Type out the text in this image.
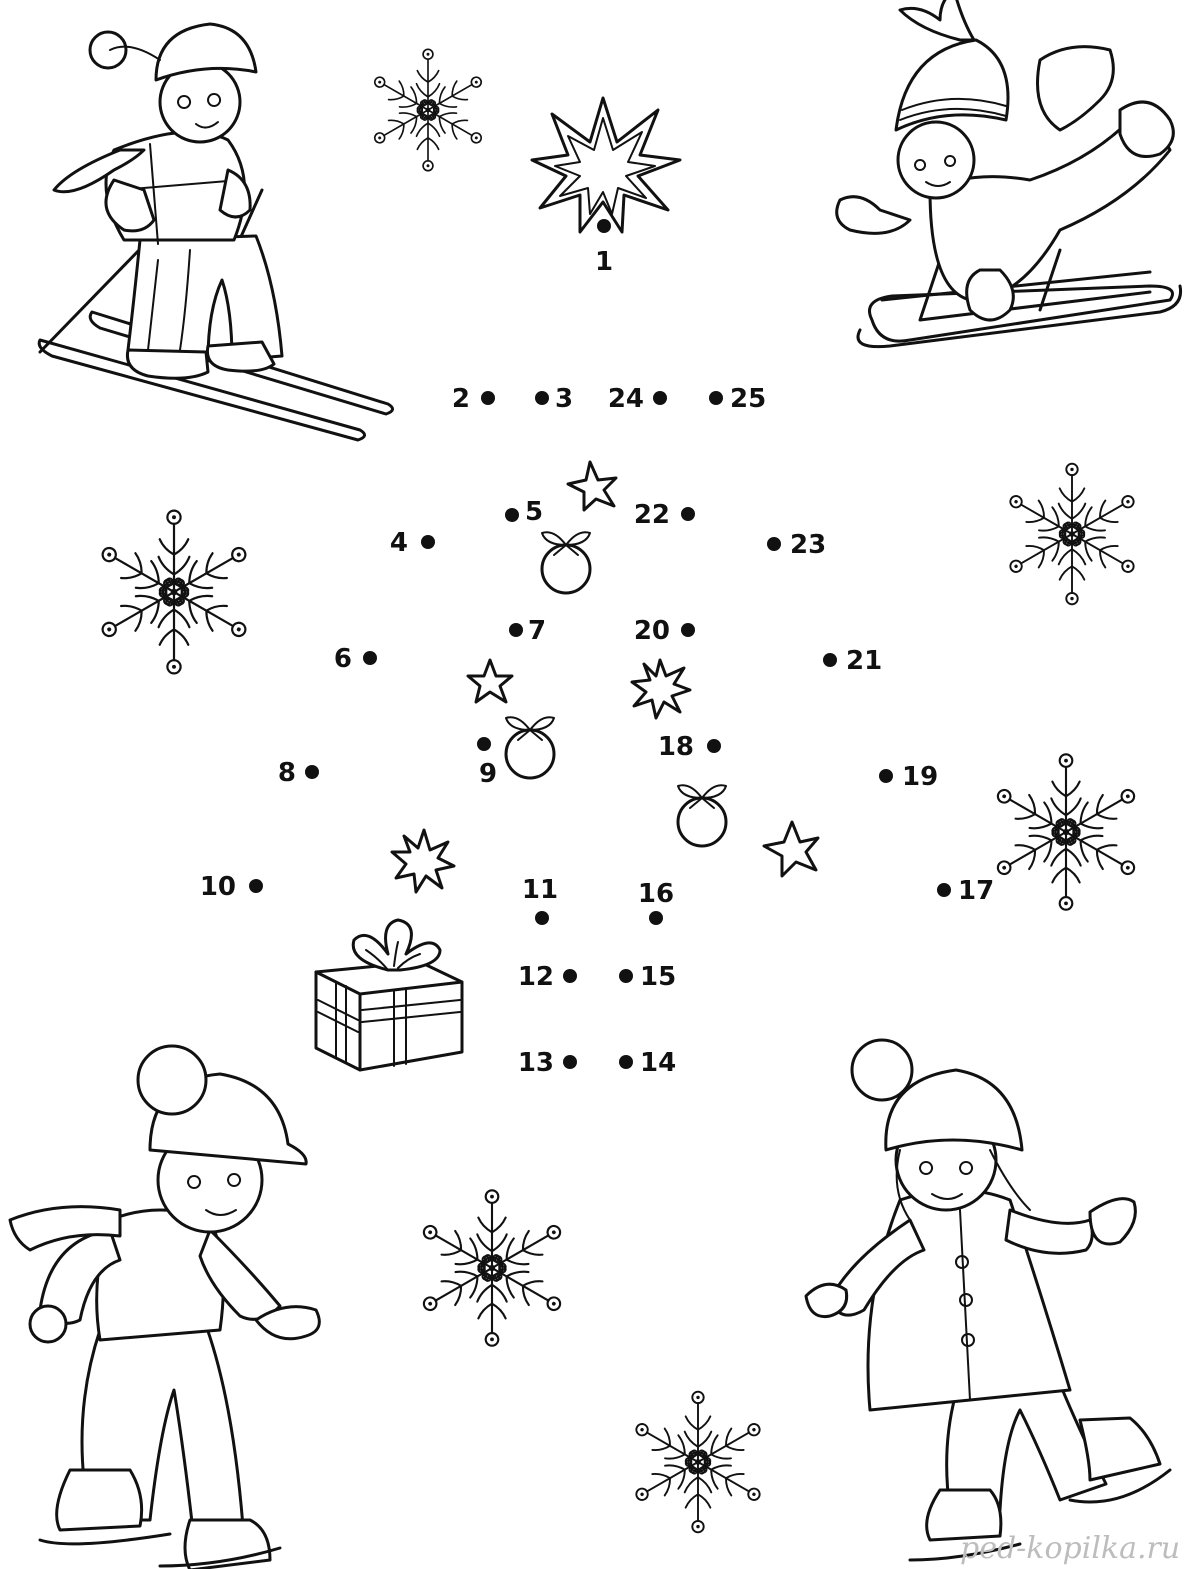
1
2	3
4
5
6
7
8	9
10	11
12
13	14
15
16	17
18
19
20
21
22
23
24	25
ped-kopilka.ru
